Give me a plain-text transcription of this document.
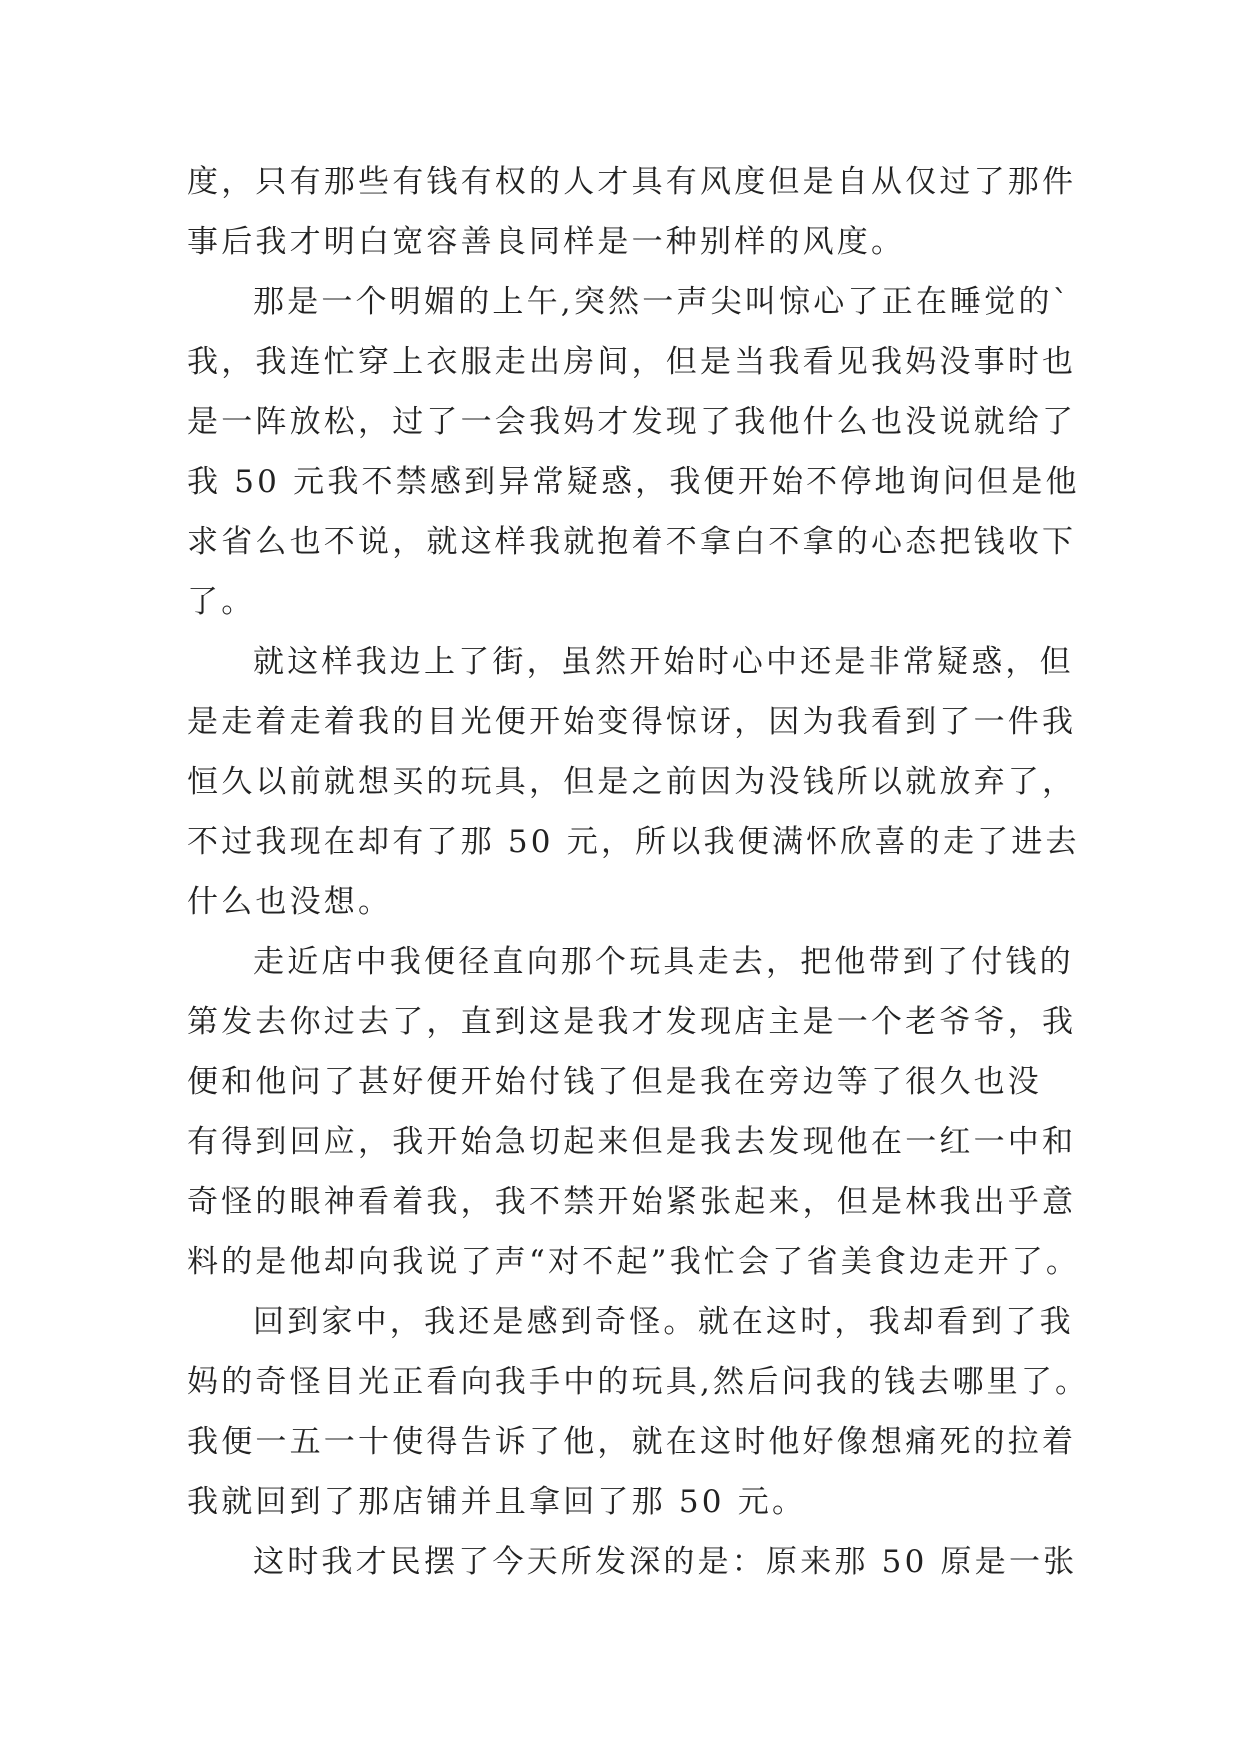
度，只有那些有钱有权的人才具有风度但是自从仅过了那件
事后我才明白宽容善良同样是一种别样的风度。
那是一个明媚的上午,突然一声尖叫惊心了正在睡觉的`
我，我连忙穿上衣服走出房间，但是当我看见我妈没事时也
是一阵放松，过了一会我妈才发现了我他什么也没说就给了
我 50 元我不禁感到异常疑惑，我便开始不停地询问但是他
求省么也不说，就这样我就抱着不拿白不拿的心态把钱收下
了。
就这样我边上了街，虽然开始时心中还是非常疑惑，但
是走着走着我的目光便开始变得惊讶，因为我看到了一件我
恒久以前就想买的玩具，但是之前因为没钱所以就放弃了，
不过我现在却有了那 50 元，所以我便满怀欣喜的走了进去
什么也没想。
走近店中我便径直向那个玩具走去，把他带到了付钱的
第发去你过去了，直到这是我才发现店主是一个老爷爷，我
便和他问了甚好便开始付钱了但是我在旁边等了很久也没
有得到回应，我开始急切起来但是我去发现他在一红一中和
奇怪的眼神看着我，我不禁开始紧张起来，但是林我出乎意
料的是他却向我说了声“对不起”我忙会了省美食边走开了。
回到家中，我还是感到奇怪。就在这时，我却看到了我
妈的奇怪目光正看向我手中的玩具,然后问我的钱去哪里了。
我便一五一十使得告诉了他，就在这时他好像想痛死的拉着
我就回到了那店铺并且拿回了那 50 元。
这时我才民摆了今天所发深的是：原来那 50 原是一张
